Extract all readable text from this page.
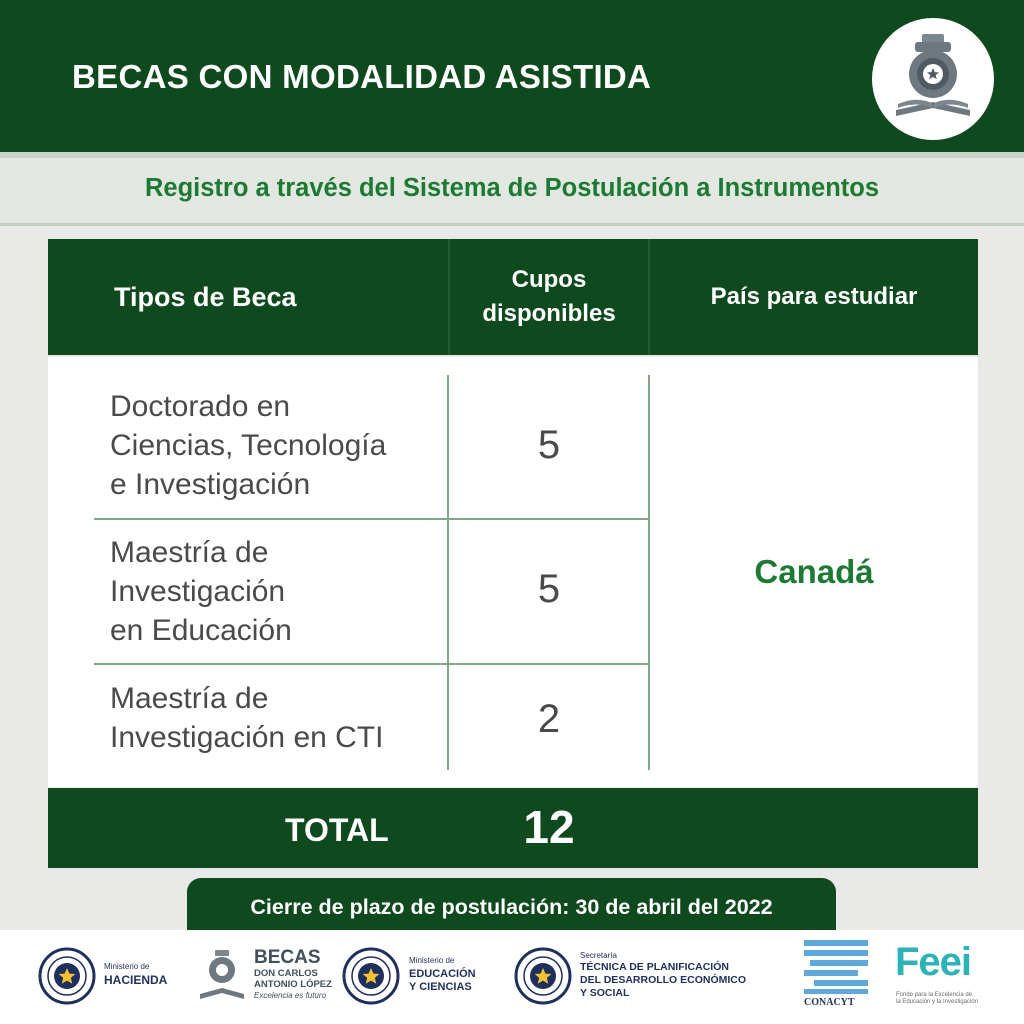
BECAS CON MODALIDAD ASISTIDA
Registro a través del Sistema de Postulación a Instrumentos
Tipos de Beca
Cupos
disponibles
País para estudiar
Doctorado en
Ciencias, Tecnología
e Investigación
5
Maestría de
Investigación
en Educación
5
Maestría de
Investigación en CTI	2
Canadá
TOTAL	12
Cierre de plazo de postulación:
30 de abril del 2022
Ministerio de
HACIENDA
BECAS
DON CARLOS
ANTONIO LÓPEZ
Excelencia es futuro
Ministerio de
EDUCACIÓN
Y CIENCIAS
Secretaría
TÉCNICA DE PLANIFICACIÓN
DEL DESARROLLO ECONÓMICO
Y SOCIAL
CONACYT
Feei
Fondo para la Excelencia de
la Educación y la Investigación
